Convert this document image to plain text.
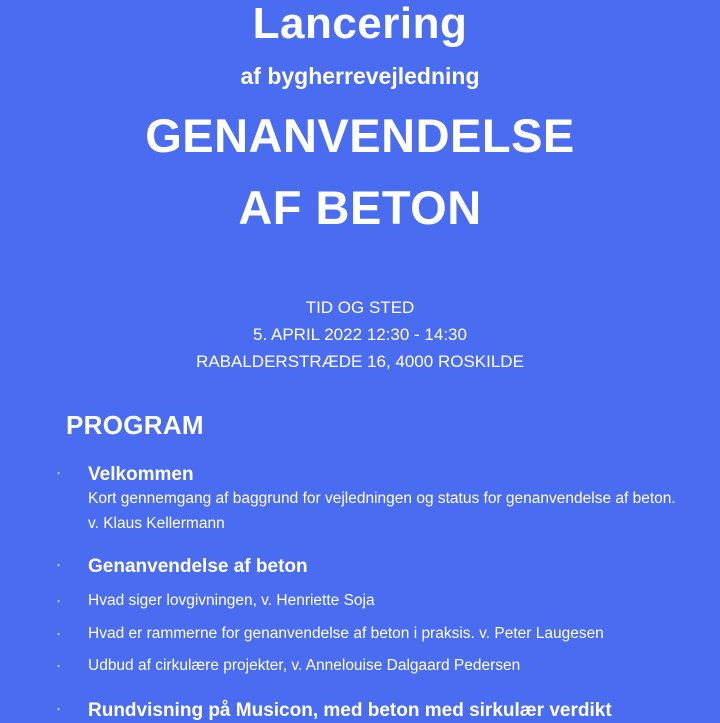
Lancering
af bygherrevejledning
GENANVENDELSE
AF BETON
TID OG STED
5. APRIL 2022 12:30 - 14:30
RABALDERSTRÆDE 16, 4000 ROSKILDE
PROGRAM
· Velkommen
Kort gennemgang af baggrund for vejledningen og status for genanvendelse af beton.
v. Klaus Kellermann
· Genanvendelse af beton
· Hvad siger lovgivningen, v. Henriette Soja
· Hvad er rammerne for genanvendelse af beton i praksis. v. Peter Laugesen
· Udbud af cirkulære projekter, v. Annelouise Dalgaard Pedersen
· Rundvisning på Musicon, med beton med sirkulær verdikt
